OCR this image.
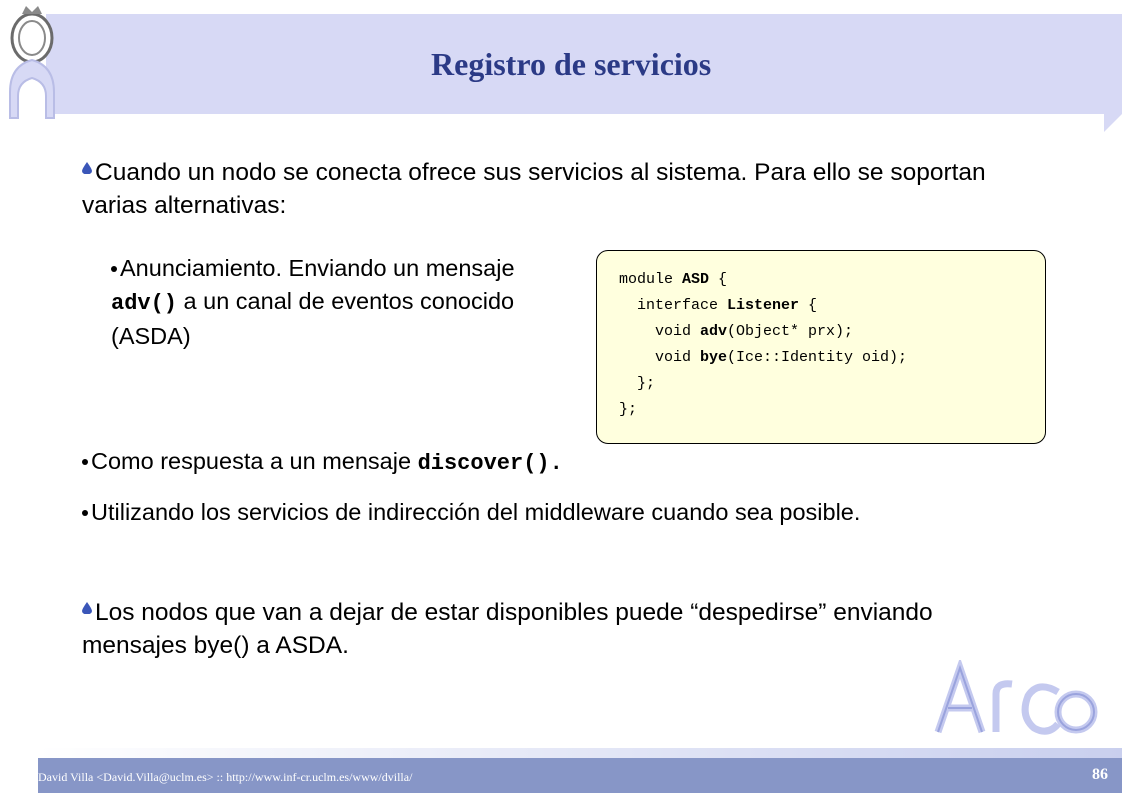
Registro de servicios
Cuando un nodo se conecta ofrece sus servicios al sistema. Para ello se soportan varias alternativas:
Anunciamiento. Enviando un mensaje adv() a un canal de eventos conocido (ASDA)
module ASD {
interface Listener {
void adv(Object* prx);
void bye(Ice::Identity oid);
};
};
Como respuesta a un mensaje discover().
Utilizando los servicios de indirección del middleware cuando sea posible.
Los nodos que van a dejar de estar disponibles puede “despedirse” enviando mensajes bye() a ASDA.
David Villa <David.Villa@uclm.es> :: http://www.inf-cr.uclm.es/www/dvilla/	86
